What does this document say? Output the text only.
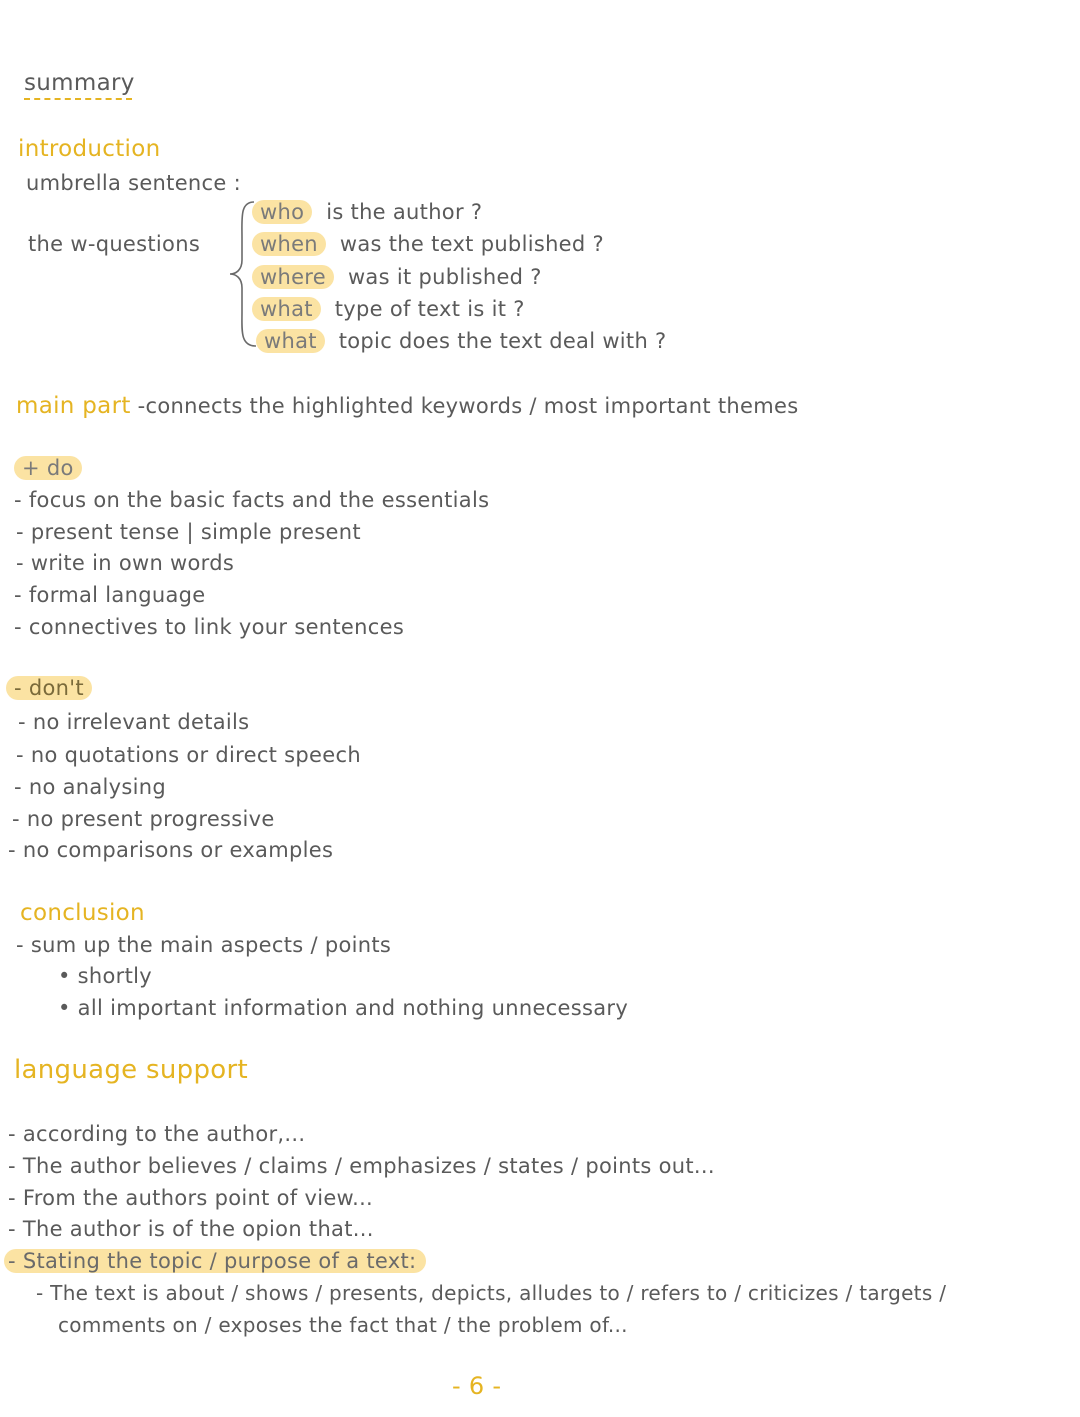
summary
introduction
umbrella sentence :
the w-questions
who is the author ?
when was the text published ?
where was it published ?
what type of text is it ?
what topic does the text deal with ?
main part -connects the highlighted keywords / most important themes
+ do
- focus on the basic facts and the essentials
- present tense | simple present
- write in own words
- formal language
- connectives to link your sentences
- don't
- no irrelevant details
- no quotations or direct speech
- no analysing
- no present progressive
- no comparisons or examples
conclusion
- sum up the main aspects / points
• shortly
• all important information and nothing unnecessary
language support
- according to the author,...
- The author believes / claims / emphasizes / states / points out...
- From the authors point of view...
- The author is of the opion that...
- Stating the topic / purpose of a text:
- The text is about / shows / presents, depicts, alludes to / refers to / criticizes / targets /
comments on / exposes the fact that / the problem of...
- 6 -
